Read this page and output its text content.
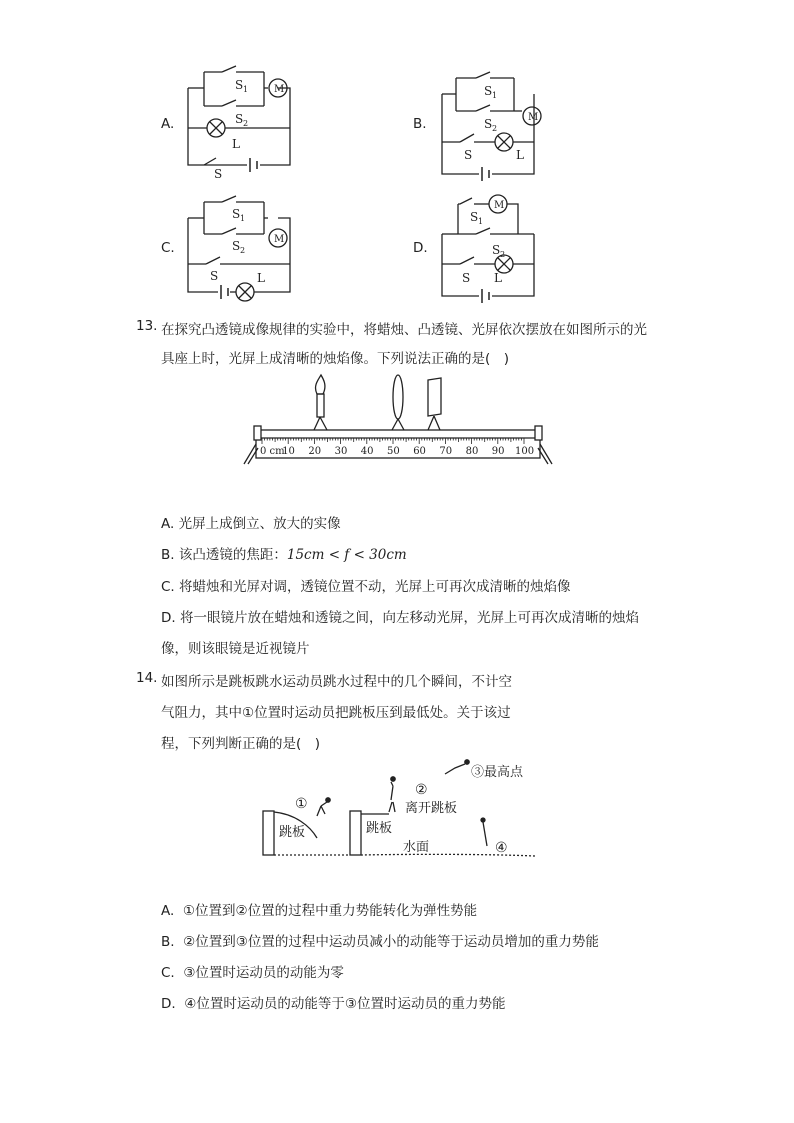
A.
S 1
S 2
M
L
S
B.
S 1
S 2
M
L
S
C.
S 1
S 2
M
L
S
D.
S 1
S 2
M
L
S
13. 在探究凸透镜成像规律的实验中，将蜡烛、凸透镜、光屏依次摆放在如图所示的光
具座上时，光屏上成清晰的烛焰像。下列说法正确的是(　)
0 cm
10 20 30 40 50 60 70 80 90 100
A. 光屏上成倒立、放大的实像
B. 该凸透镜的焦距：15cm < f < 30cm
C. 将蜡烛和光屏对调，透镜位置不动，光屏上可再次成清晰的烛焰像
D. 将一眼镜片放在蜡烛和透镜之间，向左移动光屏，光屏上可再次成清晰的烛焰
像，则该眼镜是近视镜片
14. 如图所示是跳板跳水运动员跳水过程中的几个瞬间，不计空
气阻力，其中①位置时运动员把跳板压到最低处。关于该过
程，下列判断正确的是(　)
跳板	跳板
①
②
离开跳板
③最高点
④
水面
A. ①位置到②位置的过程中重力势能转化为弹性势能
B. ②位置到③位置的过程中运动员减小的动能等于运动员增加的重力势能
C. ③位置时运动员的动能为零
D. ④位置时运动员的动能等于③位置时运动员的重力势能
